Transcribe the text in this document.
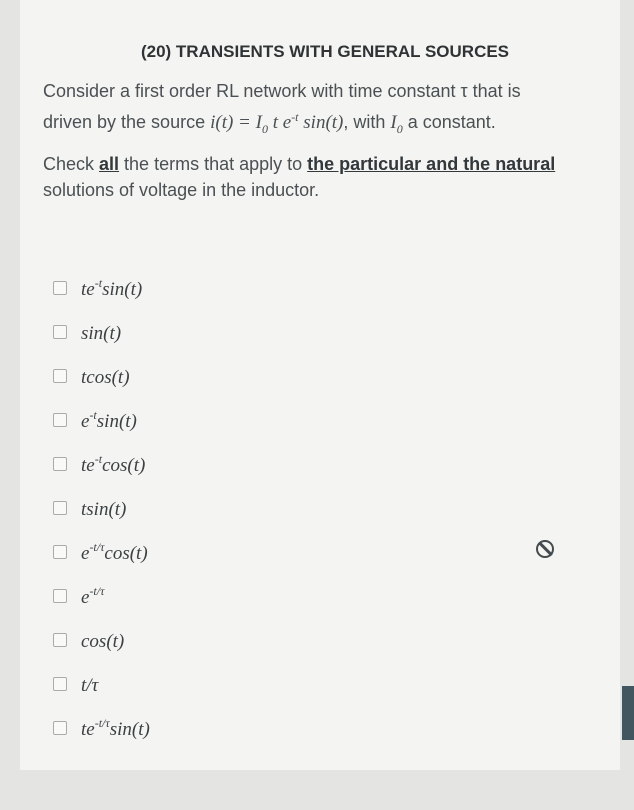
(20) TRANSIENTS WITH GENERAL SOURCES
Consider a first order RL network with time constant τ that is
driven by the source $i(t) = I_0$ t $e^{-t}$ sin(t), with $I_0$ a constant.
Check all the terms that apply to the particular and the natural
solutions of voltage in the inductor.
$te^{-t}\sin(t)$
sin(t)
tcos(t)
$e^{-t}\sin(t)$
$te^{-t}\cos(t)$
tsin(t)
$e^{-t/\tau}\cos(t)$
$e^{-t/\tau}$
cos(t)
t/τ
$te^{-t/\tau}\sin(t)$
